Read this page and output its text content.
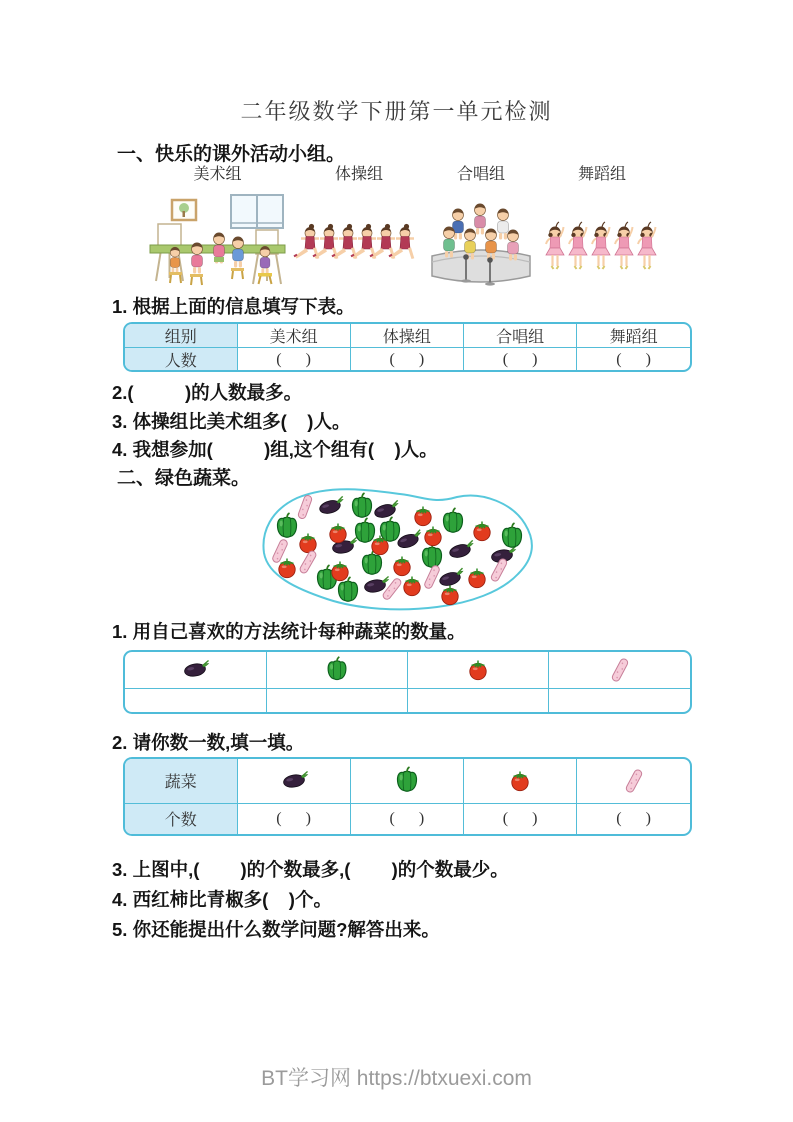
二年级数学下册第一单元检测
一、快乐的课外活动小组。
美术组	体操组	合唱组	舞蹈组
1. 根据上面的信息填写下表。
组别	美术组	体操组	合唱组	舞蹈组
人数	(      )	(      )	(      )	(      )
2.(          )的人数最多。
3. 体操组比美术组多(    )人。
4. 我想参加(          )组,这个组有(    )人。
二、绿色蔬菜。
1. 用自己喜欢的方法统计每种蔬菜的数量。

2. 请你数一数,填一填。
蔬菜				
个数	(      )	(      )	(      )	(      )
3. 上图中,(        )的个数最多,(        )的个数最少。
4. 西红柿比青椒多(    )个。
5. 你还能提出什么数学问题?解答出来。
BT学习网 https://btxuexi.com
